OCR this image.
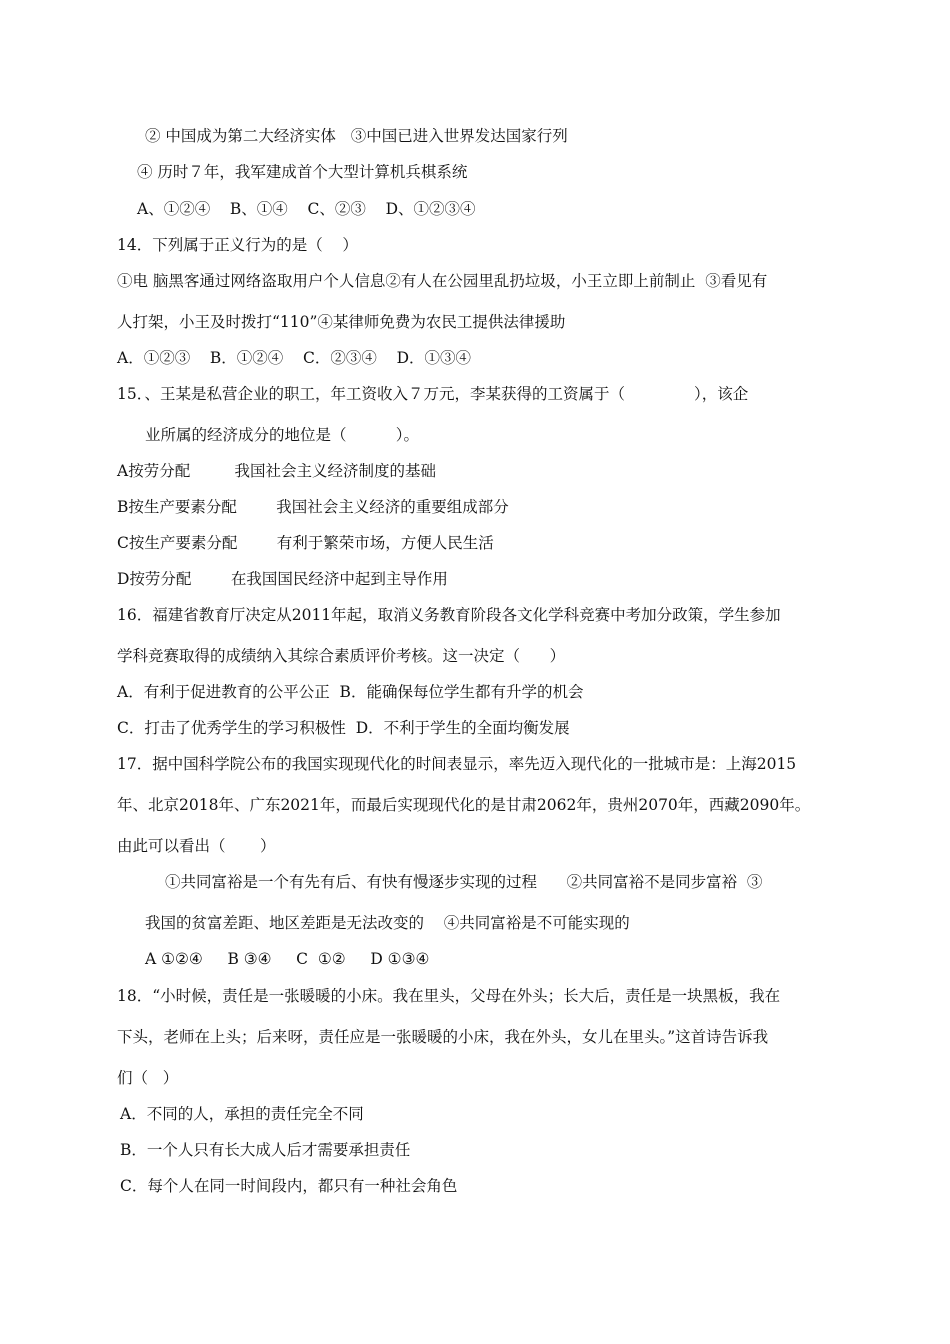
② 中国成为第二大经济实体   ③中国已进入世界发达国家行列
④ 历时７年，我军建成首个大型计算机兵棋系统
A、①②④    B、①④    C、②③    D、①②③④
14．下列属于正义行为的是（    ）
①电 脑黑客通过网络盗取用户个人信息②有人在公园里乱扔垃圾，小王立即上前制止  ③看见有
人打架，小王及时拨打“110”④某律师免费为农民工提供法律援助
A．①②③    B．①②④    C．②③④    D．①③④
15．、王某是私营企业的职工，年工资收入７万元，李某获得的工资属于（              ），该企
业所属的经济成分的地位是（          ）。
A按劳分配         我国社会主义经济制度的基础
B按生产要素分配        我国社会主义经济的重要组成部分
C按生产要素分配        有利于繁荣市场，方便人民生活
D按劳分配        在我国国民经济中起到主导作用
16．福建省教育厅决定从2011年起，取消义务教育阶段各文化学科竞赛中考加分政策，学生参加
学科竞赛取得的成绩纳入其综合素质评价考核。这一决定（      ）
A．有利于促进教育的公平公正  B．能确保每位学生都有升学的机会
C．打击了优秀学生的学习积极性  D．不利于学生的全面均衡发展
17．据中国科学院公布的我国实现现代化的时间表显示，率先迈入现代化的一批城市是：上海2015
年、北京2018年、广东2021年，而最后实现现代化的是甘肃2062年，贵州2070年，西藏2090年。
由此可以看出（       ）
①共同富裕是一个有先有后、有快有慢逐步实现的过程      ②共同富裕不是同步富裕  ③
我国的贫富差距、地区差距是无法改变的    ④共同富裕是不可能实现的
A ①②④     B ③④     C  ①②     D ①③④
18．“小时候，责任是一张暖暖的小床。我在里头，父母在外头；长大后，责任是一块黑板，我在
下头，老师在上头；后来呀，责任应是一张暖暖的小床，我在外头，女儿在里头。”这首诗告诉我
们（   ）
A．不同的人，承担的责任完全不同
B．一个人只有长大成人后才需要承担责任
C．每个人在同一时间段内，都只有一种社会角色
